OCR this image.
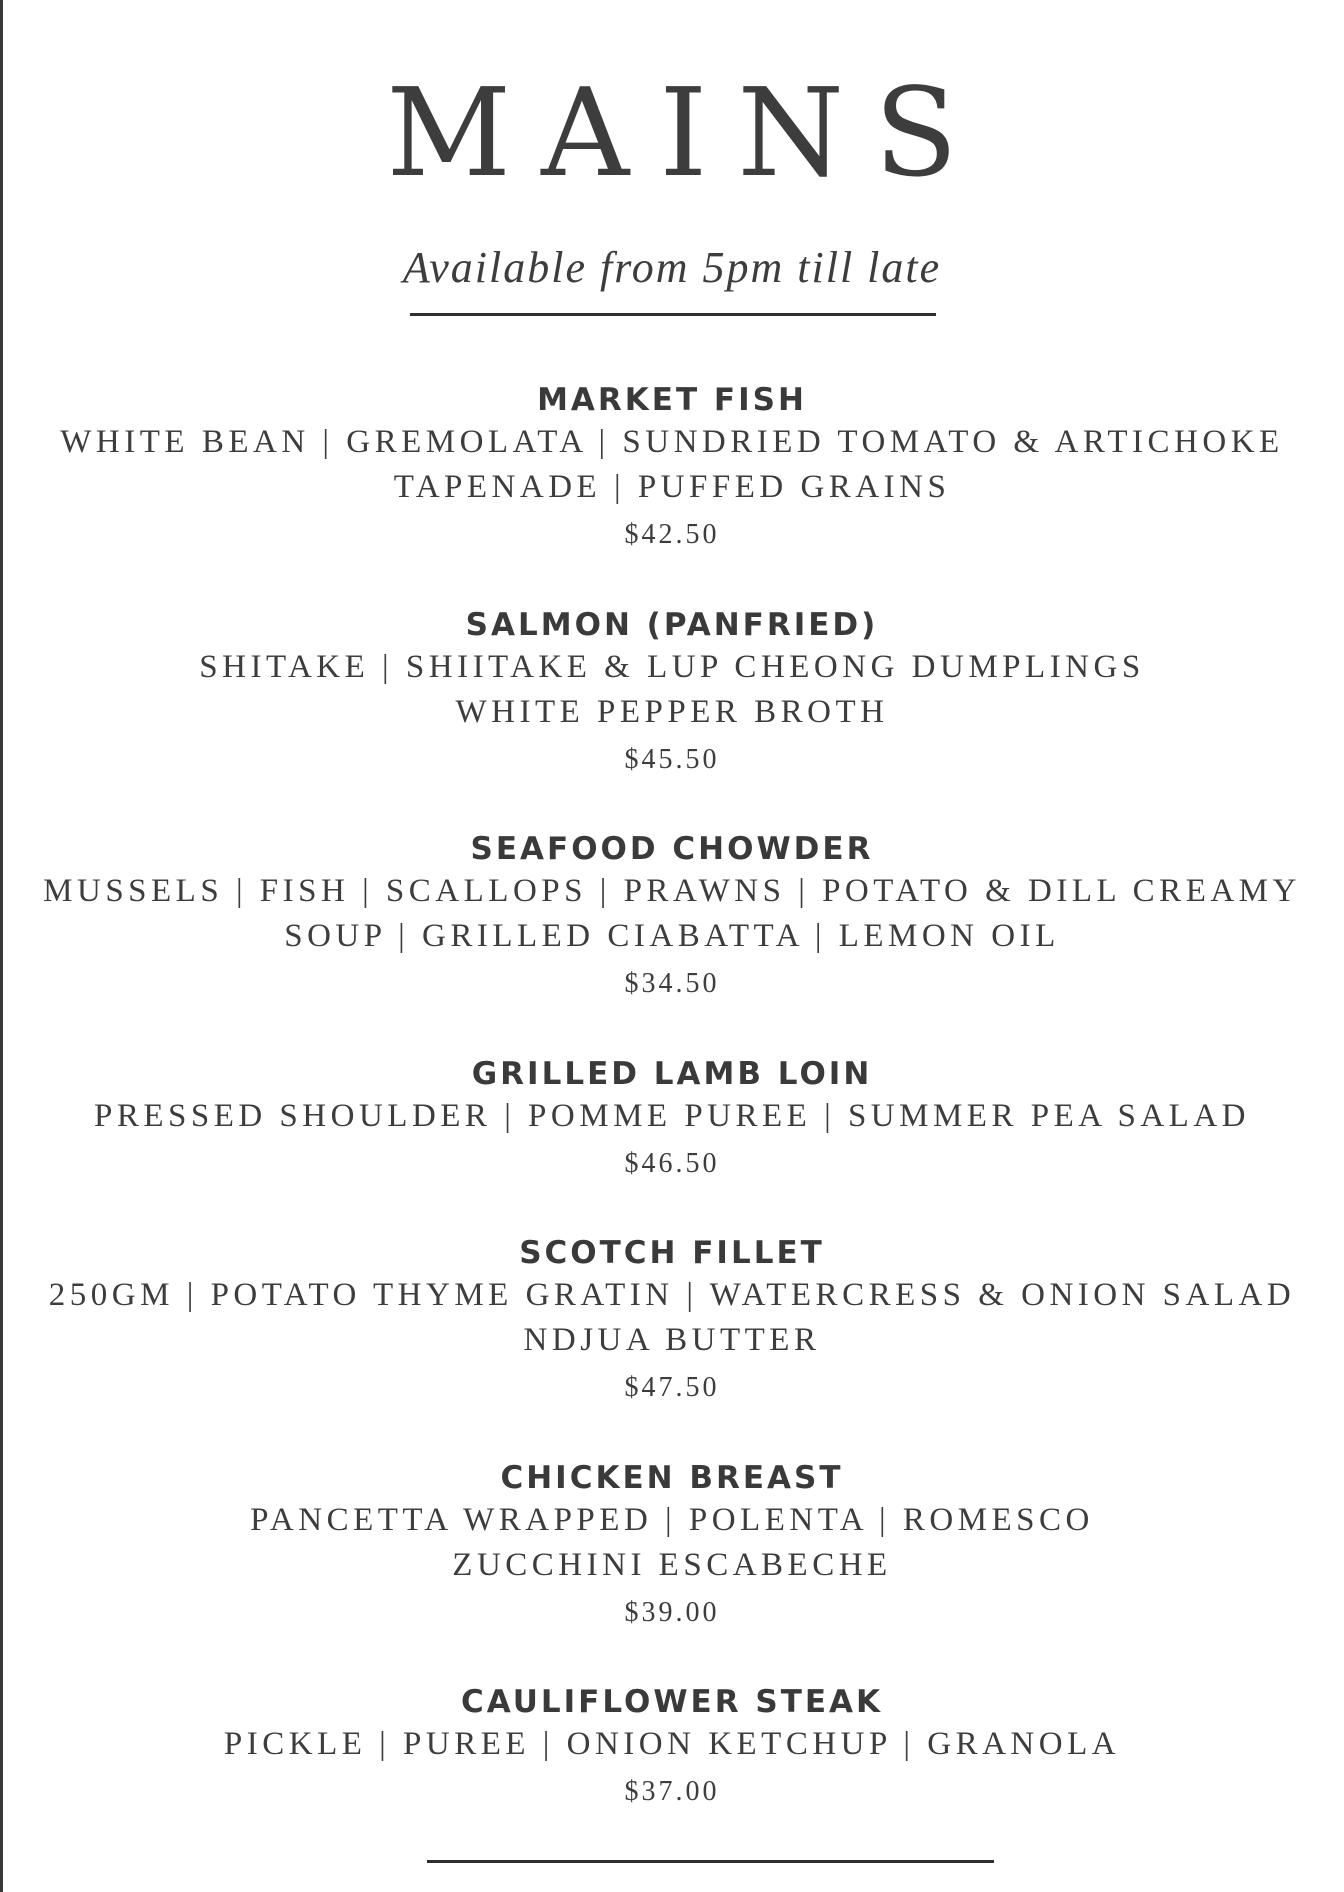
MAINS
Available from 5pm till late
MARKET FISH
WHITE BEAN | GREMOLATA | SUNDRIED TOMATO & ARTICHOKE
TAPENADE | PUFFED GRAINS
$42.50
SALMON (PANFRIED)
SHITAKE | SHIITAKE & LUP CHEONG DUMPLINGS
WHITE PEPPER BROTH
$45.50
SEAFOOD CHOWDER
MUSSELS | FISH | SCALLOPS | PRAWNS | POTATO & DILL CREAMY
SOUP | GRILLED CIABATTA | LEMON OIL
$34.50
GRILLED LAMB LOIN
PRESSED SHOULDER | POMME PUREE | SUMMER PEA SALAD
$46.50
SCOTCH FILLET
250GM | POTATO THYME GRATIN | WATERCRESS & ONION SALAD
NDJUA BUTTER
$47.50
CHICKEN BREAST
PANCETTA WRAPPED | POLENTA | ROMESCO
ZUCCHINI ESCABECHE
$39.00
CAULIFLOWER STEAK
PICKLE | PUREE | ONION KETCHUP | GRANOLA
$37.00
